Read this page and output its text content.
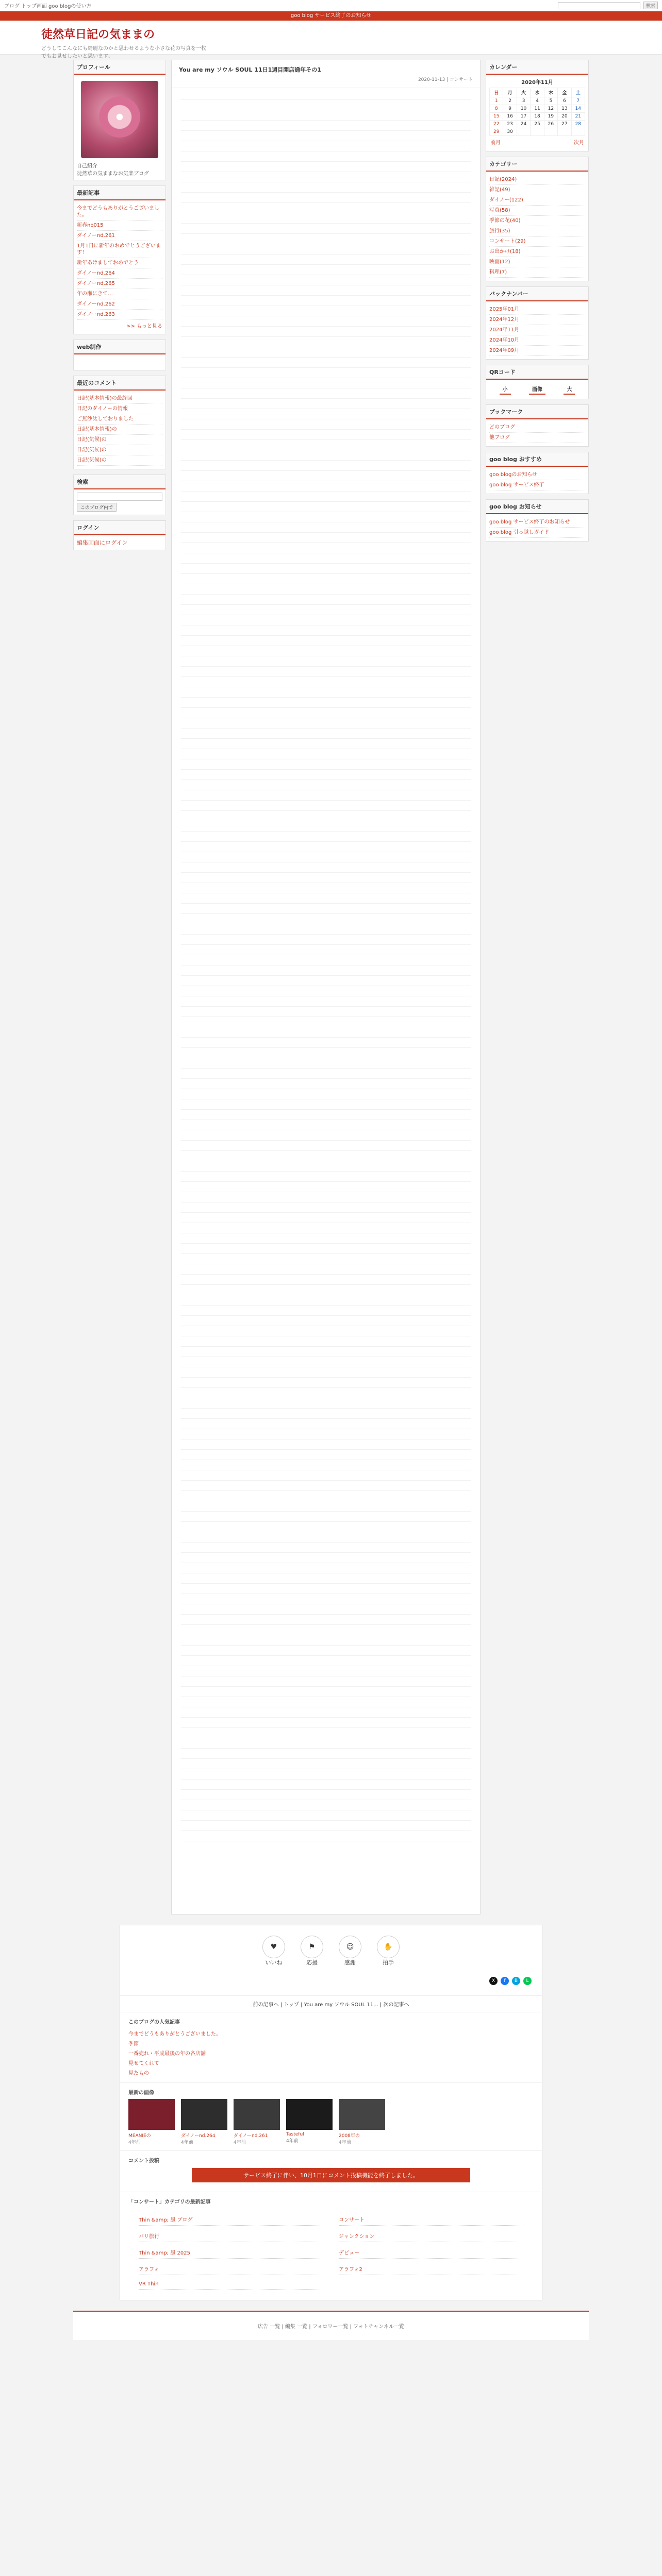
ブログ トップ画面 goo blogの使い方	検索
goo blog サービス終了のお知らせ
徒然草日記の気ままの

どうしてこんなにも綺麗なのかと思わせるような小さな花の写真を一枚でもお見せしたいと思います。

プロフィール
自己紹介
徒然草の気ままなお気楽ブログ
最新記事
今までどうもありがとうございました。
新春no015
ダイノーnd.261
1月1日に新年のおめでとうございます！
新年あけましておめでとう
ダイノーnd.264
ダイノーnd.265
年の瀬にきて…
ダイノーnd.262
ダイノーnd.263
>> もっと見る
web制作
最近のコメント
日記(基本情報)の最終回
日記のダイノーの情報
ご無沙汰しておりました
日記(基本情報)の
日記(気候)の
日記(気候)の
日記(気候)の
検索
このブログ内で
ログイン
編集画面にログイン
You are my ソウル SOUL 11日1週目開店通年その1
2020-11-13 | コンサート
カレンダー
2020年11月
日	月	火	水	木	金	土
1	2	3	4	5	6	7
8	9	10	11	12	13	14
15	16	17	18	19	20	21
22	23	24	25	26	27	28
29	30					
前月	次月
カテゴリー
日記(2024)
雑記(49)
ダイノー(122)
写真(58)
季節の花(40)
旅行(35)
コンサート(29)
お出かけ(18)
映画(12)
料理(7)
バックナンバー
2025年01月
2024年12月
2024年11月
2024年10月
2024年09月
QRコード
小	画像	大
ブックマーク
どのブログ
他ブログ
goo blog おすすめ
goo blogのお知らせ
goo blog サービス終了
goo blog お知らせ
goo blog サービス終了のお知らせ
goo blog 引っ越しガイド
♥
いいね
⚑
応援
☺
感謝
✋
拍手
X	f	B	L
前の記事へ | トップ | You are my ソウル SOUL 11... | 次の記事へ
このブログの人気記事
今までどうもありがとうございました。
季節
一番売れ・平成最後の年の各店舗
見せてくれて
見たもの
最新の画像
MEANIEの
4年前
ダイノーnd.264
4年前
ダイノーnd.261
4年前
Tasteful
4年前
2008年の
4年前
コメント投稿
サービス終了に伴い、10月1日にコメント投稿機能を終了しました。
「コンサート」カテゴリの最新記事
Thin &amp; 風 ブログ	コンサート
バリ旅行	ジャンクション
Thin &amp; 風 2025	デビュー
アラフォ	アラフォ2
VR Thin
広告 一覧 | 編集 一覧 | フォロワー一覧 | フォトチャンネル一覧
